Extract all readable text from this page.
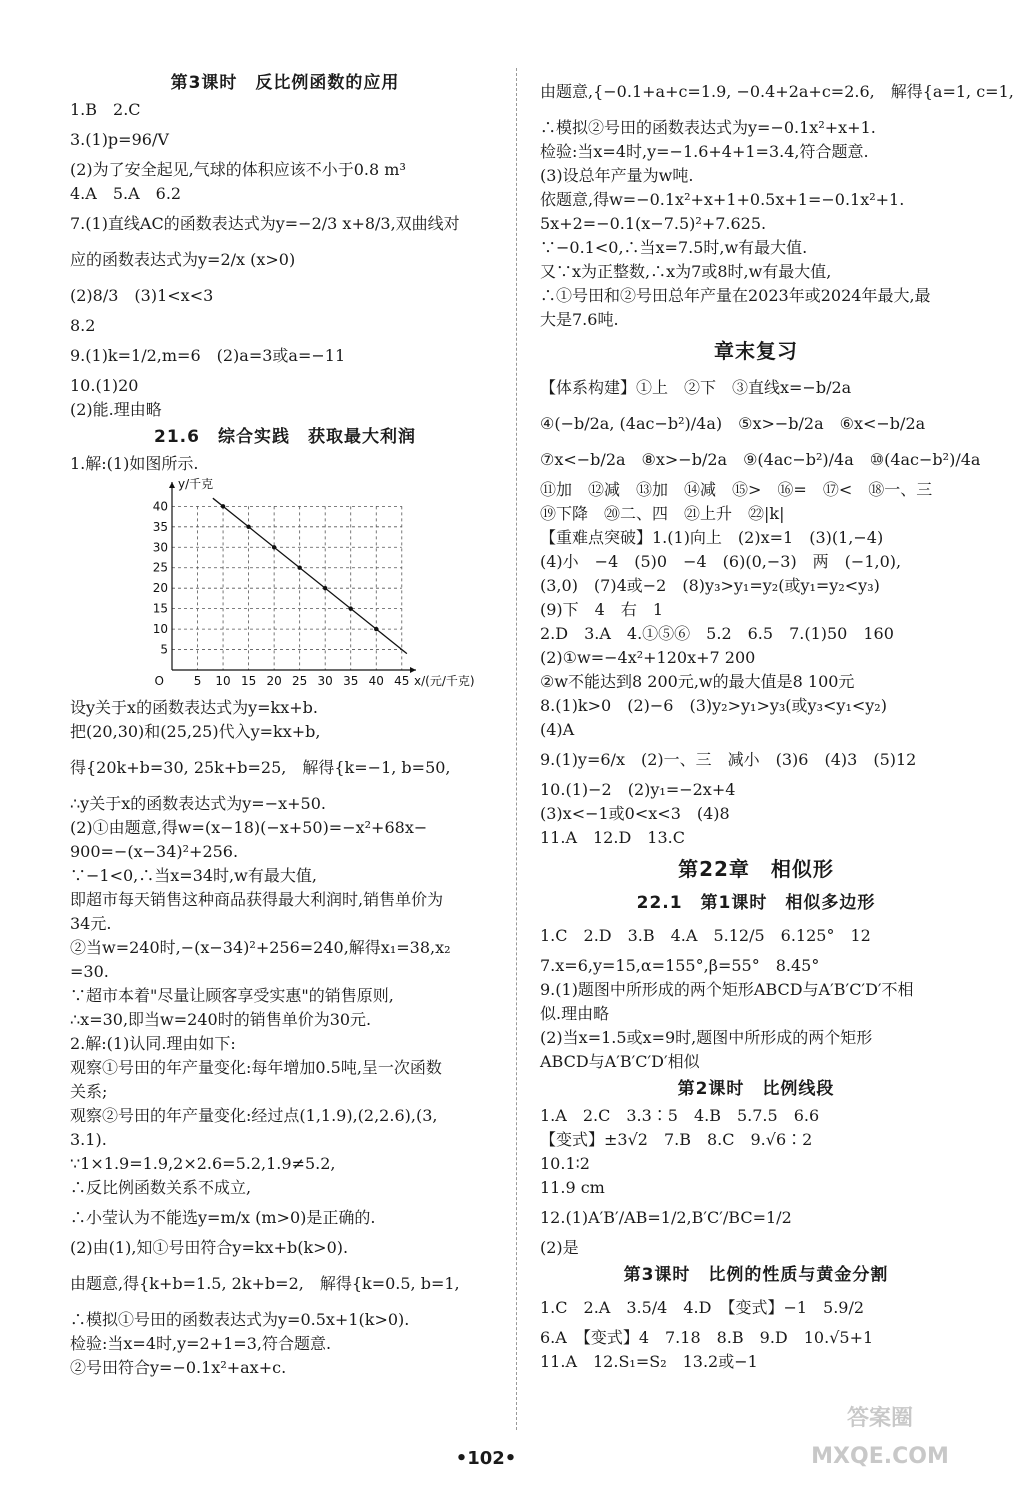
第3课时　反比例函数的应用
1.B　2.C
3.(1)p=96/V
(2)为了安全起见,气球的体积应该不小于0.8 m³
4.A　5.A　6.2
7.(1)直线AC的函数表达式为y=−2/3 x+8/3,双曲线对
应的函数表达式为y=2/x (x>0)
(2)8/3　(3)1<x<3
8.2
9.(1)k=1/2,m=6　(2)a=3或a=−11
10.(1)20
(2)能.理由略
21.6　综合实践　获取最大利润
1.解:(1)如图所示.
5 10 15 20 25 30 35 40 45
5
10
15
20
25
30
35
40
O	x/(元/千克)
y/千克
设y关于x的函数表达式为y=kx+b.
把(20,30)和(25,25)代入y=kx+b,
得{20k+b=30, 25k+b=25,　解得{k=−1, b=50,
∴y关于x的函数表达式为y=−x+50.
(2)①由题意,得w=(x−18)(−x+50)=−x²+68x−
900=−(x−34)²+256.
∵−1<0,∴当x=34时,w有最大值,
即超市每天销售这种商品获得最大利润时,销售单价为
34元.
②当w=240时,−(x−34)²+256=240,解得x₁=38,x₂
=30.
∵超市本着"尽量让顾客享受实惠"的销售原则,
∴x=30,即当w=240时的销售单价为30元.
2.解:(1)认同.理由如下:
观察①号田的年产量变化:每年增加0.5吨,呈一次函数
关系;
观察②号田的年产量变化:经过点(1,1.9),(2,2.6),(3,
3.1).
∵1×1.9=1.9,2×2.6=5.2,1.9≠5.2,
∴反比例函数关系不成立,
∴小莹认为不能选y=m/x (m>0)是正确的.
(2)由(1),知①号田符合y=kx+b(k>0).
由题意,得{k+b=1.5, 2k+b=2,　解得{k=0.5, b=1,
∴模拟①号田的函数表达式为y=0.5x+1(k>0).
检验:当x=4时,y=2+1=3,符合题意.
②号田符合y=−0.1x²+ax+c.
由题意,{−0.1+a+c=1.9, −0.4+2a+c=2.6,　解得{a=1, c=1,
∴模拟②号田的函数表达式为y=−0.1x²+x+1.
检验:当x=4时,y=−1.6+4+1=3.4,符合题意.
(3)设总年产量为w吨.
依题意,得w=−0.1x²+x+1+0.5x+1=−0.1x²+1.
5x+2=−0.1(x−7.5)²+7.625.
∵−0.1<0,∴当x=7.5时,w有最大值.
又∵x为正整数,∴x为7或8时,w有最大值,
∴①号田和②号田总年产量在2023年或2024年最大,最
大是7.6吨.
章末复习
【体系构建】①上　②下　③直线x=−b/2a
④(−b/2a, (4ac−b²)/4a)　⑤x>−b/2a　⑥x<−b/2a
⑦x<−b/2a　⑧x>−b/2a　⑨(4ac−b²)/4a　⑩(4ac−b²)/4a
⑪加　⑫减　⑬加　⑭减　⑮>　⑯=　⑰<　⑱一、三
⑲下降　⑳二、四　㉑上升　㉒|k|
【重难点突破】1.(1)向上　(2)x=1　(3)(1,−4)
(4)小　−4　(5)0　−4　(6)(0,−3)　两　(−1,0),
(3,0)　(7)4或−2　(8)y₃>y₁=y₂(或y₁=y₂<y₃)
(9)下　4　右　1
2.D　3.A　4.①⑤⑥　5.2　6.5　7.(1)50　160
(2)①w=−4x²+120x+7 200
②w不能达到8 200元,w的最大值是8 100元
8.(1)k>0　(2)−6　(3)y₂>y₁>y₃(或y₃<y₁<y₂)
(4)A
9.(1)y=6/x　(2)一、三　减小　(3)6　(4)3　(5)12
10.(1)−2　(2)y₁=−2x+4
(3)x<−1或0<x<3　(4)8
11.A　12.D　13.C
第22章　相似形
22.1　第1课时　相似多边形
1.C　2.D　3.B　4.A　5.12/5　6.125°　12
7.x=6,y=15,α=155°,β=55°　8.45°
9.(1)题图中所形成的两个矩形ABCD与A′B′C′D′不相
似.理由略
(2)当x=1.5或x=9时,题图中所形成的两个矩形
ABCD与A′B′C′D′相似
第2课时　比例线段
1.A　2.C　3.3∶5　4.B　5.7.5　6.6
【变式】±3√2　7.B　8.C　9.√6∶2
10.1∶2
11.9 cm
12.(1)A′B′/AB=1/2,B′C′/BC=1/2
(2)是
第3课时　比例的性质与黄金分割
1.C　2.A　3.5/4　4.D　【变式】−1　5.9/2
6.A　【变式】4　7.18　8.B　9.D　10.√5+1
11.A　12.S₁=S₂　13.2或−1
•102•
答案圈
MXQE.COM
